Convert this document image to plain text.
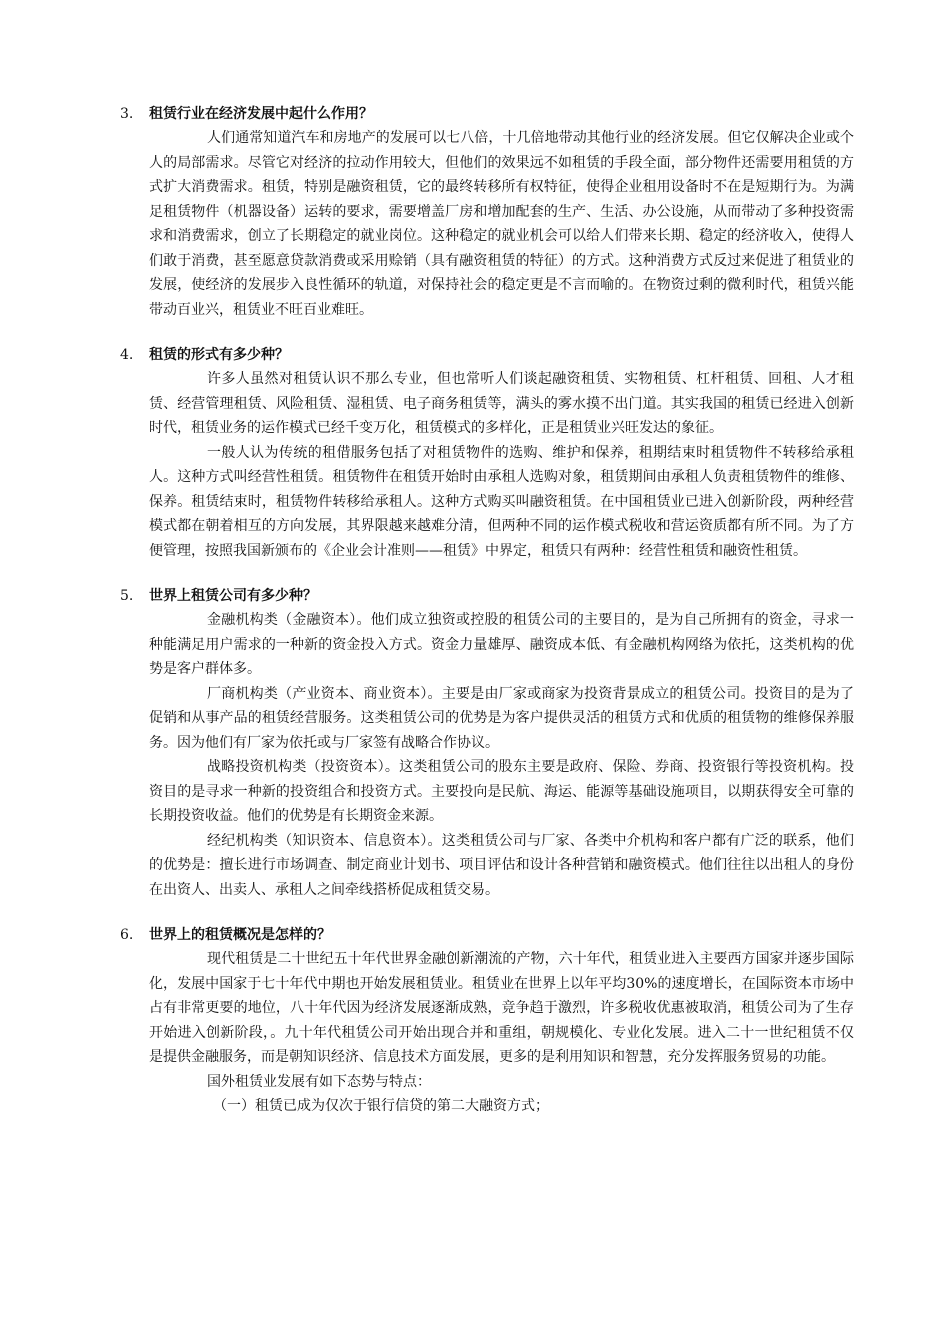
3.	租赁行业在经济发展中起什么作用？

人们通常知道汽车和房地产的发展可以七八倍，十几倍地带动其他行业的经济发展。但它仅解决企业或个人的局部需求。尽管它对经济的拉动作用较大，但他们的效果远不如租赁的手段全面，部分物件还需要用租赁的方式扩大消费需求。租赁，特别是融资租赁，它的最终转移所有权特征，使得企业租用设备时不在是短期行为。为满足租赁物件（机器设备）运转的要求，需要增盖厂房和增加配套的生产、生活、办公设施，从而带动了多种投资需求和消费需求，创立了长期稳定的就业岗位。这种稳定的就业机会可以给人们带来长期、稳定的经济收入，使得人们敢于消费，甚至愿意贷款消费或采用赊销（具有融资租赁的特征）的方式。这种消费方式反过来促进了租赁业的发展，使经济的发展步入良性循环的轨道，对保持社会的稳定更是不言而喻的。在物资过剩的微利时代，租赁兴能带动百业兴，租赁业不旺百业难旺。

4.	租赁的形式有多少种？

许多人虽然对租赁认识不那么专业，但也常听人们谈起融资租赁、实物租赁、杠杆租赁、回租、人才租赁、经营管理租赁、风险租赁、湿租赁、电子商务租赁等，满头的雾水摸不出门道。其实我国的租赁已经进入创新时代，租赁业务的运作模式已经千变万化，租赁模式的多样化，正是租赁业兴旺发达的象征。

一般人认为传统的租借服务包括了对租赁物件的选购、维护和保养，租期结束时租赁物件不转移给承租人。这种方式叫经营性租赁。租赁物件在租赁开始时由承租人选购对象，租赁期间由承租人负责租赁物件的维修、保养。租赁结束时，租赁物件转移给承租人。这种方式购买叫融资租赁。在中国租赁业已进入创新阶段，两种经营模式都在朝着相互的方向发展，其界限越来越难分清，但两种不同的运作模式税收和营运资质都有所不同。为了方便管理，按照我国新颁布的《企业会计准则——租赁》中界定，租赁只有两种：经营性租赁和融资性租赁。

5.	世界上租赁公司有多少种？

金融机构类（金融资本）。他们成立独资或控股的租赁公司的主要目的，是为自己所拥有的资金，寻求一种能满足用户需求的一种新的资金投入方式。资金力量雄厚、融资成本低、有金融机构网络为依托，这类机构的优势是客户群体多。

厂商机构类（产业资本、商业资本）。主要是由厂家或商家为投资背景成立的租赁公司。投资目的是为了促销和从事产品的租赁经营服务。这类租赁公司的优势是为客户提供灵活的租赁方式和优质的租赁物的维修保养服务。因为他们有厂家为依托或与厂家签有战略合作协议。

战略投资机构类（投资资本）。这类租赁公司的股东主要是政府、保险、券商、投资银行等投资机构。投资目的是寻求一种新的投资组合和投资方式。主要投向是民航、海运、能源等基础设施项目，以期获得安全可靠的长期投资收益。他们的优势是有长期资金来源。

经纪机构类（知识资本、信息资本）。这类租赁公司与厂家、各类中介机构和客户都有广泛的联系，他们的优势是：擅长进行市场调查、制定商业计划书、项目评估和设计各种营销和融资模式。他们往往以出租人的身份在出资人、出卖人、承租人之间牵线搭桥促成租赁交易。

6.	世界上的租赁概况是怎样的？

现代租赁是二十世纪五十年代世界金融创新潮流的产物，六十年代，租赁业进入主要西方国家并逐步国际化，发展中国家于七十年代中期也开始发展租赁业。租赁业在世界上以年平均30%的速度增长，在国际资本市场中占有非常更要的地位，八十年代因为经济发展逐渐成熟，竞争趋于激烈，许多税收优惠被取消，租赁公司为了生存开始进入创新阶段，。九十年代租赁公司开始出现合并和重组，朝规模化、专业化发展。进入二十一世纪租赁不仅是提供金融服务，而是朝知识经济、信息技术方面发展，更多的是利用知识和智慧，充分发挥服务贸易的功能。

国外租赁业发展有如下态势与特点：

（一）租赁已成为仅次于银行信贷的第二大融资方式；
